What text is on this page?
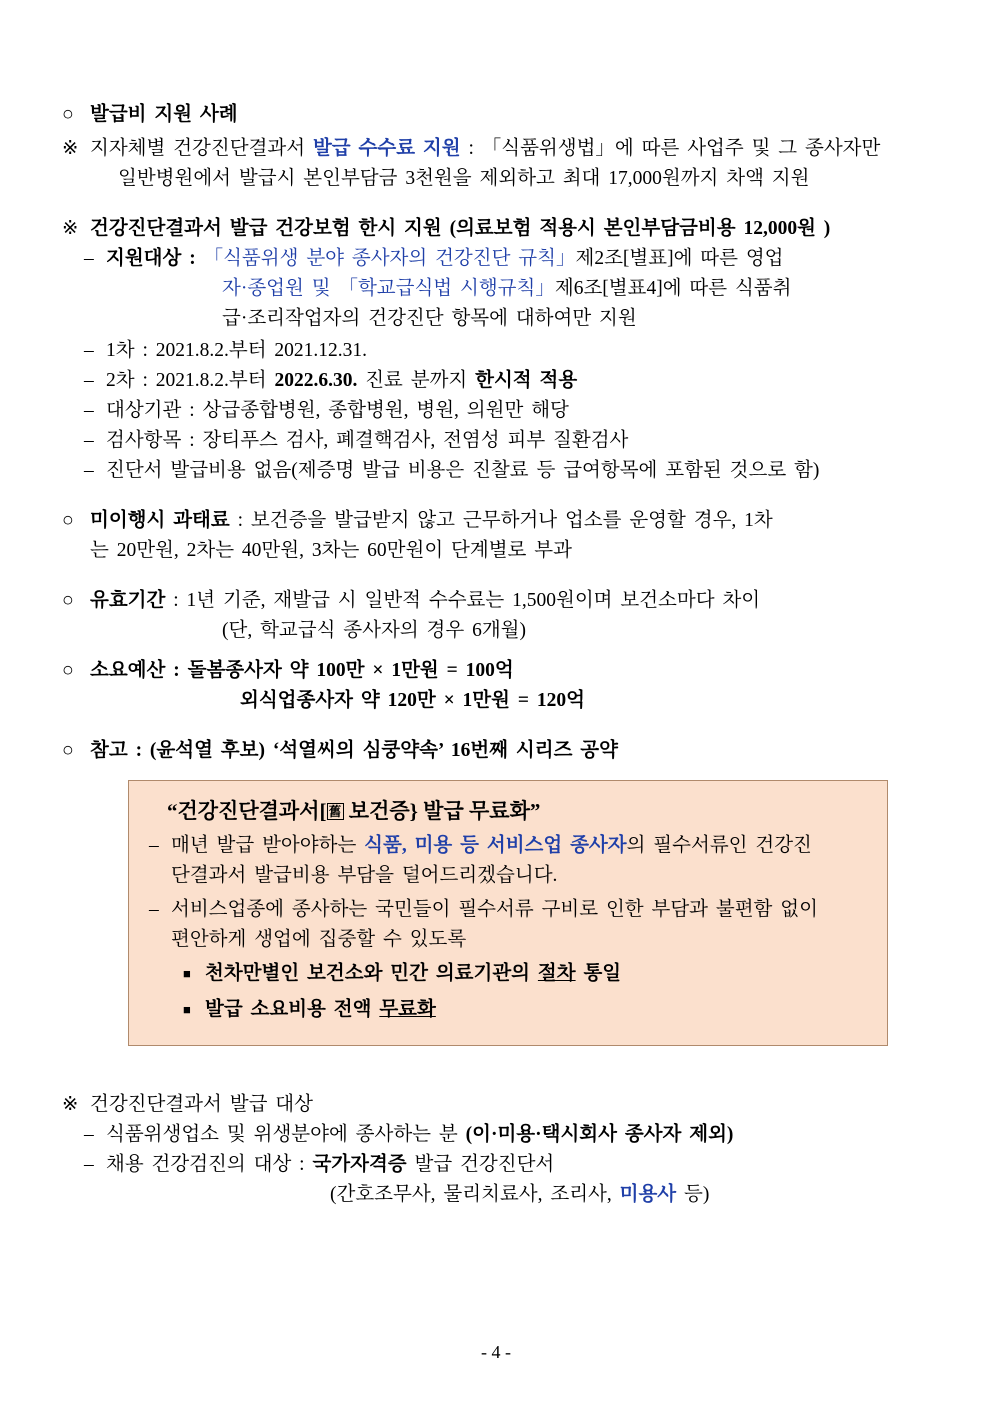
○ 발급비 지원 사례
※ 지자체별 건강진단결과서 발급 수수료 지원 : 「식품위생법」에 따른 사업주 및 그 종사자만
일반병원에서 발급시 본인부담금 3천원을 제외하고 최대 17,000원까지 차액 지원
※ 건강진단결과서 발급 건강보험 한시 지원 (의료보험 적용시 본인부담금비용 12,000원 )
– 지원대상 : 「식품위생 분야 종사자의 건강진단 규칙」제2조[별표]에 따른 영업
자·종업원 및 「학교급식법 시행규칙」제6조[별표4]에 따른 식품취
급·조리작업자의 건강진단 항목에 대하여만 지원
– 1차 : 2021.8.2.부터 2021.12.31.
– 2차 : 2021.8.2.부터 2022.6.30. 진료 분까지 한시적 적용
– 대상기관 : 상급종합병원, 종합병원, 병원, 의원만 해당
– 검사항목 : 장티푸스 검사, 폐결핵검사, 전염성 피부 질환검사
– 진단서 발급비용 없음(제증명 발급 비용은 진찰료 등 급여항목에 포함된 것으로 함)
○ 미이행시 과태료 : 보건증을 발급받지 않고 근무하거나 업소를 운영할 경우, 1차
는 20만원, 2차는 40만원, 3차는 60만원이 단계별로 부과
○ 유효기간 : 1년 기준, 재발급 시 일반적 수수료는 1,500원이며 보건소마다 차이
(단, 학교급식 종사자의 경우 6개월)
○ 소요예산 : 돌봄종사자 약 100만 × 1만원 = 100억
외식업종사자 약 120만 × 1만원 = 120억
○ 참고 : (윤석열 후보) ‘석열씨의 심쿵약속’ 16번째 시리즈 공약
“건강진단결과서[ 舊 보건증} 발급 무료화”
– 매년 발급 받아야하는 식품, 미용 등 서비스업 종사자의 필수서류인 건강진
단결과서 발급비용 부담을 덜어드리겠습니다.
– 서비스업종에 종사하는 국민들이 필수서류 구비로 인한 부담과 불편함 없이
편안하게 생업에 집중할 수 있도록
■ 천차만별인 보건소와 민간 의료기관의 절차 통일
■ 발급 소요비용 전액 무료화
※ 건강진단결과서 발급 대상
– 식품위생업소 및 위생분야에 종사하는 분 (이·미용·택시회사 종사자 제외)
– 채용 건강검진의 대상 : 국가자격증 발급 건강진단서
(간호조무사, 물리치료사, 조리사, 미용사 등)
- 4 -
